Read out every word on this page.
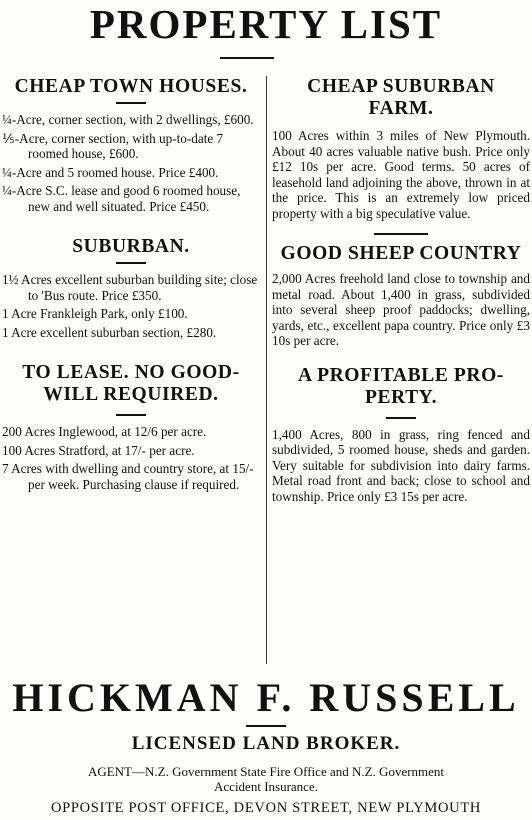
PROPERTY LIST
CHEAP TOWN HOUSES.

¼-Acre, corner section, with 2 dwellings, £600.

⅕-Acre, corner section, with up-to-date 7 roomed house, £600.

¼-Acre and 5 roomed house. Price £400.

¼-Acre S.C. lease and good 6 roomed house, new and well situated. Price £450.

SUBURBAN.

1½ Acres excellent suburban building site; close to 'Bus route. Price £350.

1 Acre Frankleigh Park, only £100.

1 Acre excellent suburban section, £280.

TO LEASE. NO GOOD-
WILL REQUIRED.

200 Acres Inglewood, at 12/6 per acre.

100 Acres Stratford, at 17/- per acre.

7 Acres with dwelling and country store, at 15/- per week. Purchasing clause if required.

CHEAP SUBURBAN
FARM.

100 Acres within 3 miles of New Plymouth. About 40 acres valuable native bush. Price only £12 10s per acre. Good terms. 50 acres of leasehold land adjoining the above, thrown in at the price. This is an extremely low priced property with a big speculative value.

GOOD SHEEP COUNTRY

2,000 Acres freehold land close to township and metal road. About 1,400 in grass, subdivided into several sheep proof paddocks; dwelling, yards, etc., excellent papa country. Price only £3 10s per acre.

A PROFITABLE PRO-
PERTY.

1,400 Acres, 800 in grass, ring fenced and subdivided, 5 roomed house, sheds and garden. Very suitable for subdivision into dairy farms. Metal road front and back; close to school and township. Price only £3 15s per acre.

HICKMAN F. RUSSELL
LICENSED LAND BROKER.
AGENT—N.Z. Government State Fire Office and N.Z. Government
Accident Insurance.
OPPOSITE POST OFFICE, DEVON STREET, NEW PLYMOUTH
